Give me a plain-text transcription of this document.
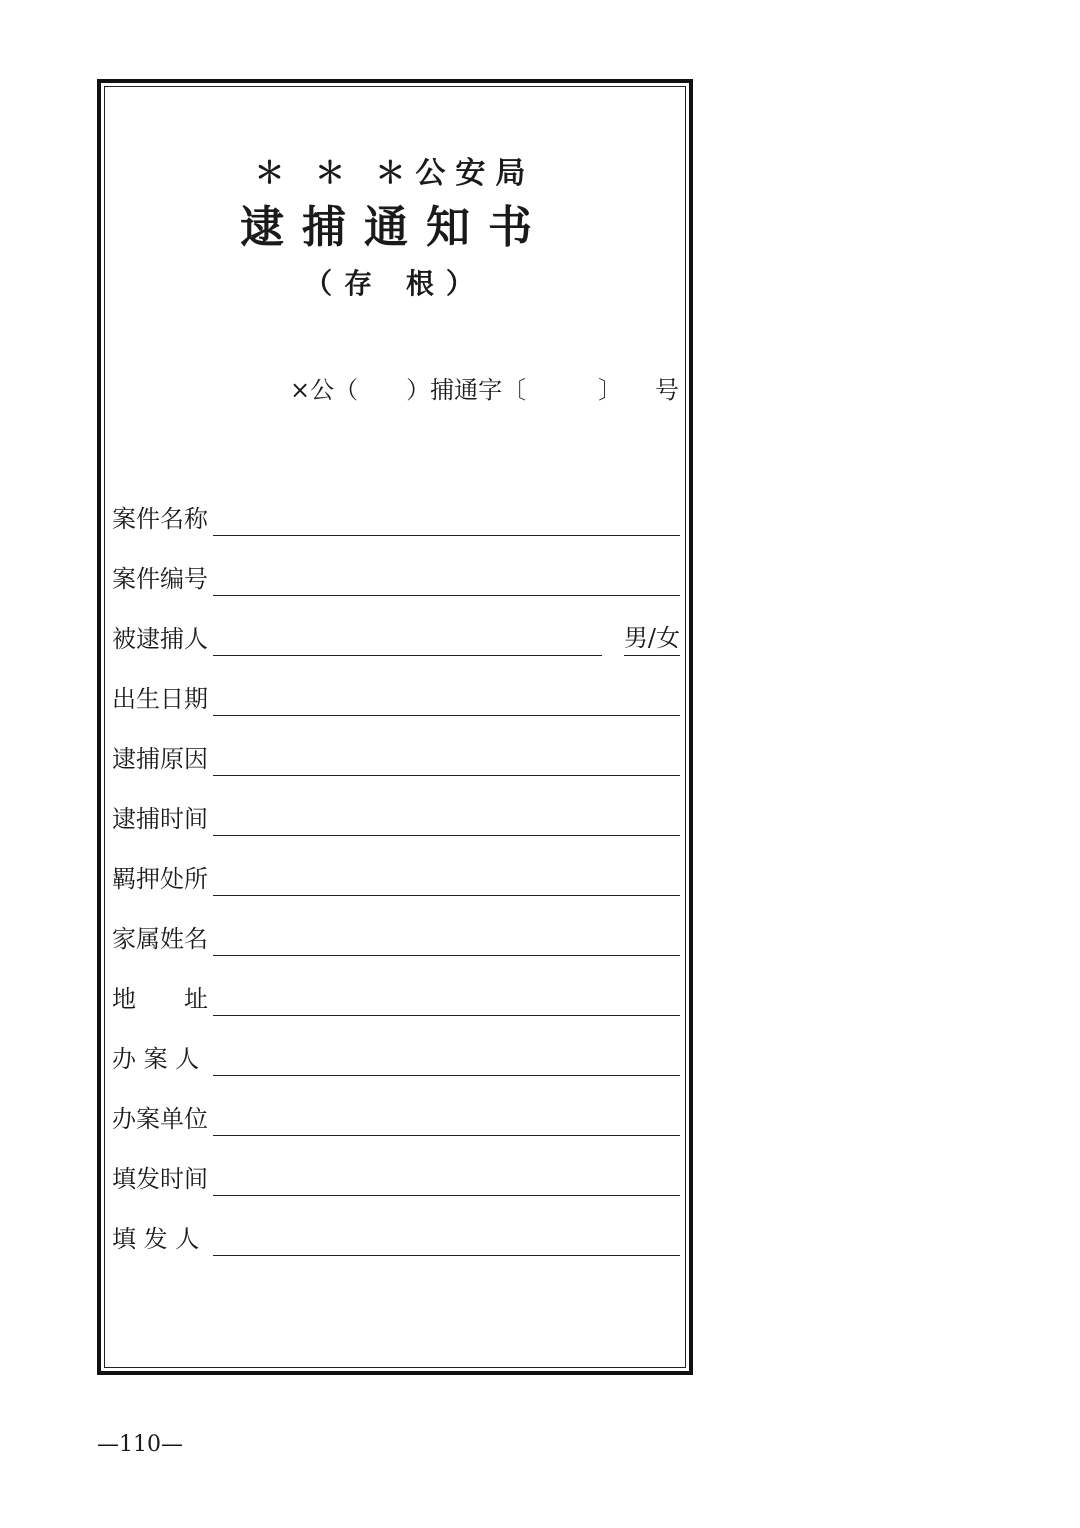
＊ ＊ ＊公安局
逮捕通知书
（存 根）
×公（　　）捕通字〔　　　〕 号
案件名称
案件编号
被逮捕人	男/女
出生日期
逮捕原因
逮捕时间
羁押处所
家属姓名
地　　址
办 案 人
办案单位
填发时间
填 发 人
—110—
